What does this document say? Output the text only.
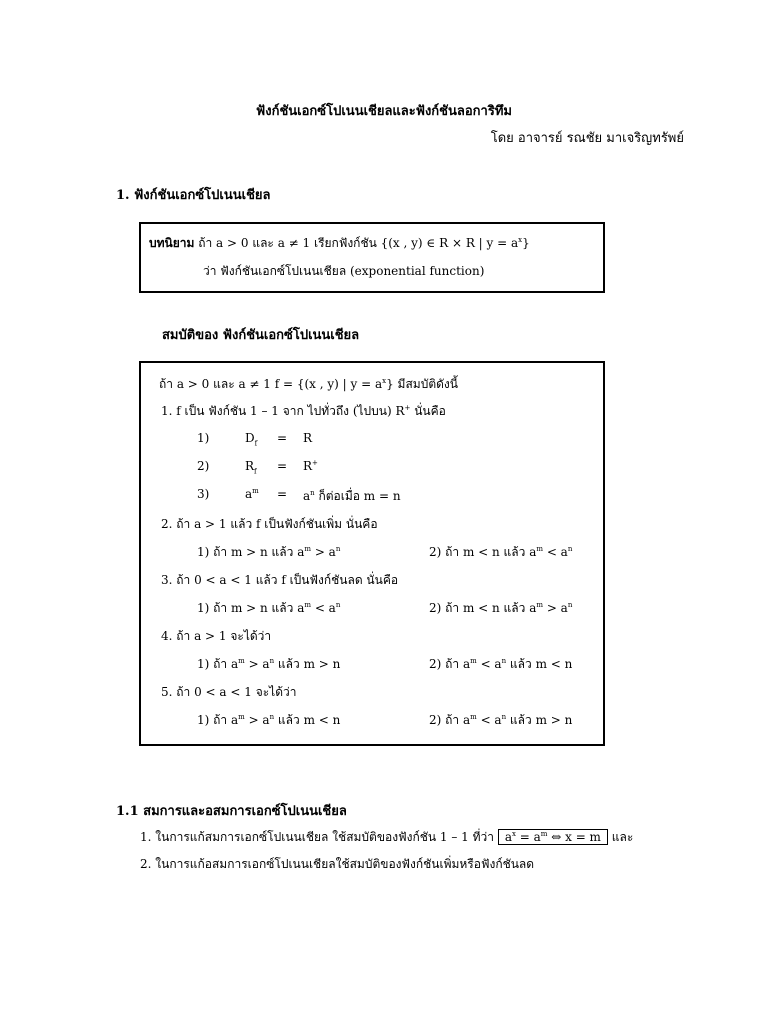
ฟังก์ชันเอกซ์โปเนนเชียลและฟังก์ชันลอการิทึม
โดย อาจารย์ รณชัย มาเจริญทรัพย์
1. ฟังก์ชันเอกซ์โปเนนเชียล
บทนิยาม ถ้า a > 0 และ a ≠ 1 เรียกฟังก์ชัน {(x , y) ∈ R × R | $y = a^x$}
ว่า ฟังก์ชันเอกซ์โปเนนเชียล (exponential function)
สมบัติของ ฟังก์ชันเอกซ์โปเนนเชียล
ถ้า a > 0 และ a ≠ 1 f = {(x , y) | $y = a^x$} มีสมบัติดังนี้
1. f เป็น ฟังก์ชัน 1 – 1 จาก ไปทั่วถึง (ไปบน) R+ นั่นคือ
1)	$D_f = R$
2)	$R_f = R^+$
3)	$a^m = a^n$ ก็ต่อเมื่อ m = n
2. ถ้า a > 1 แล้ว f เป็นฟังก์ชันเพิ่ม นั่นคือ
1) ถ้า m > n แล้ว $a^m > a^n$	2) ถ้า m < n แล้ว $a^m < a^n$
3. ถ้า 0 < a < 1 แล้ว f เป็นฟังก์ชันลด นั่นคือ
1) ถ้า m > n แล้ว $a^m < a^n$	2) ถ้า m < n แล้ว $a^m > a^n$
4. ถ้า a > 1 จะได้ว่า
1) ถ้า $a^m > a^n$ แล้ว m > n	2) ถ้า $a^m < a^n$ แล้ว m < n
5. ถ้า 0 < a < 1 จะได้ว่า
1) ถ้า $a^m > a^n$ แล้ว m < n	2) ถ้า $a^m < a^n$ แล้ว m > n
1.1 สมการและอสมการเอกซ์โปเนนเชียล
1. ในการแก้สมการเอกซ์โปเนนเชียล ใช้สมบัติของฟังก์ชัน 1 – 1 ที่ว่า $a^x = a^m$ ⇔ x = m และ
2. ในการแก้อสมการเอกซ์โปเนนเชียลใช้สมบัติของฟังก์ชันเพิ่มหรือฟังก์ชันลด
